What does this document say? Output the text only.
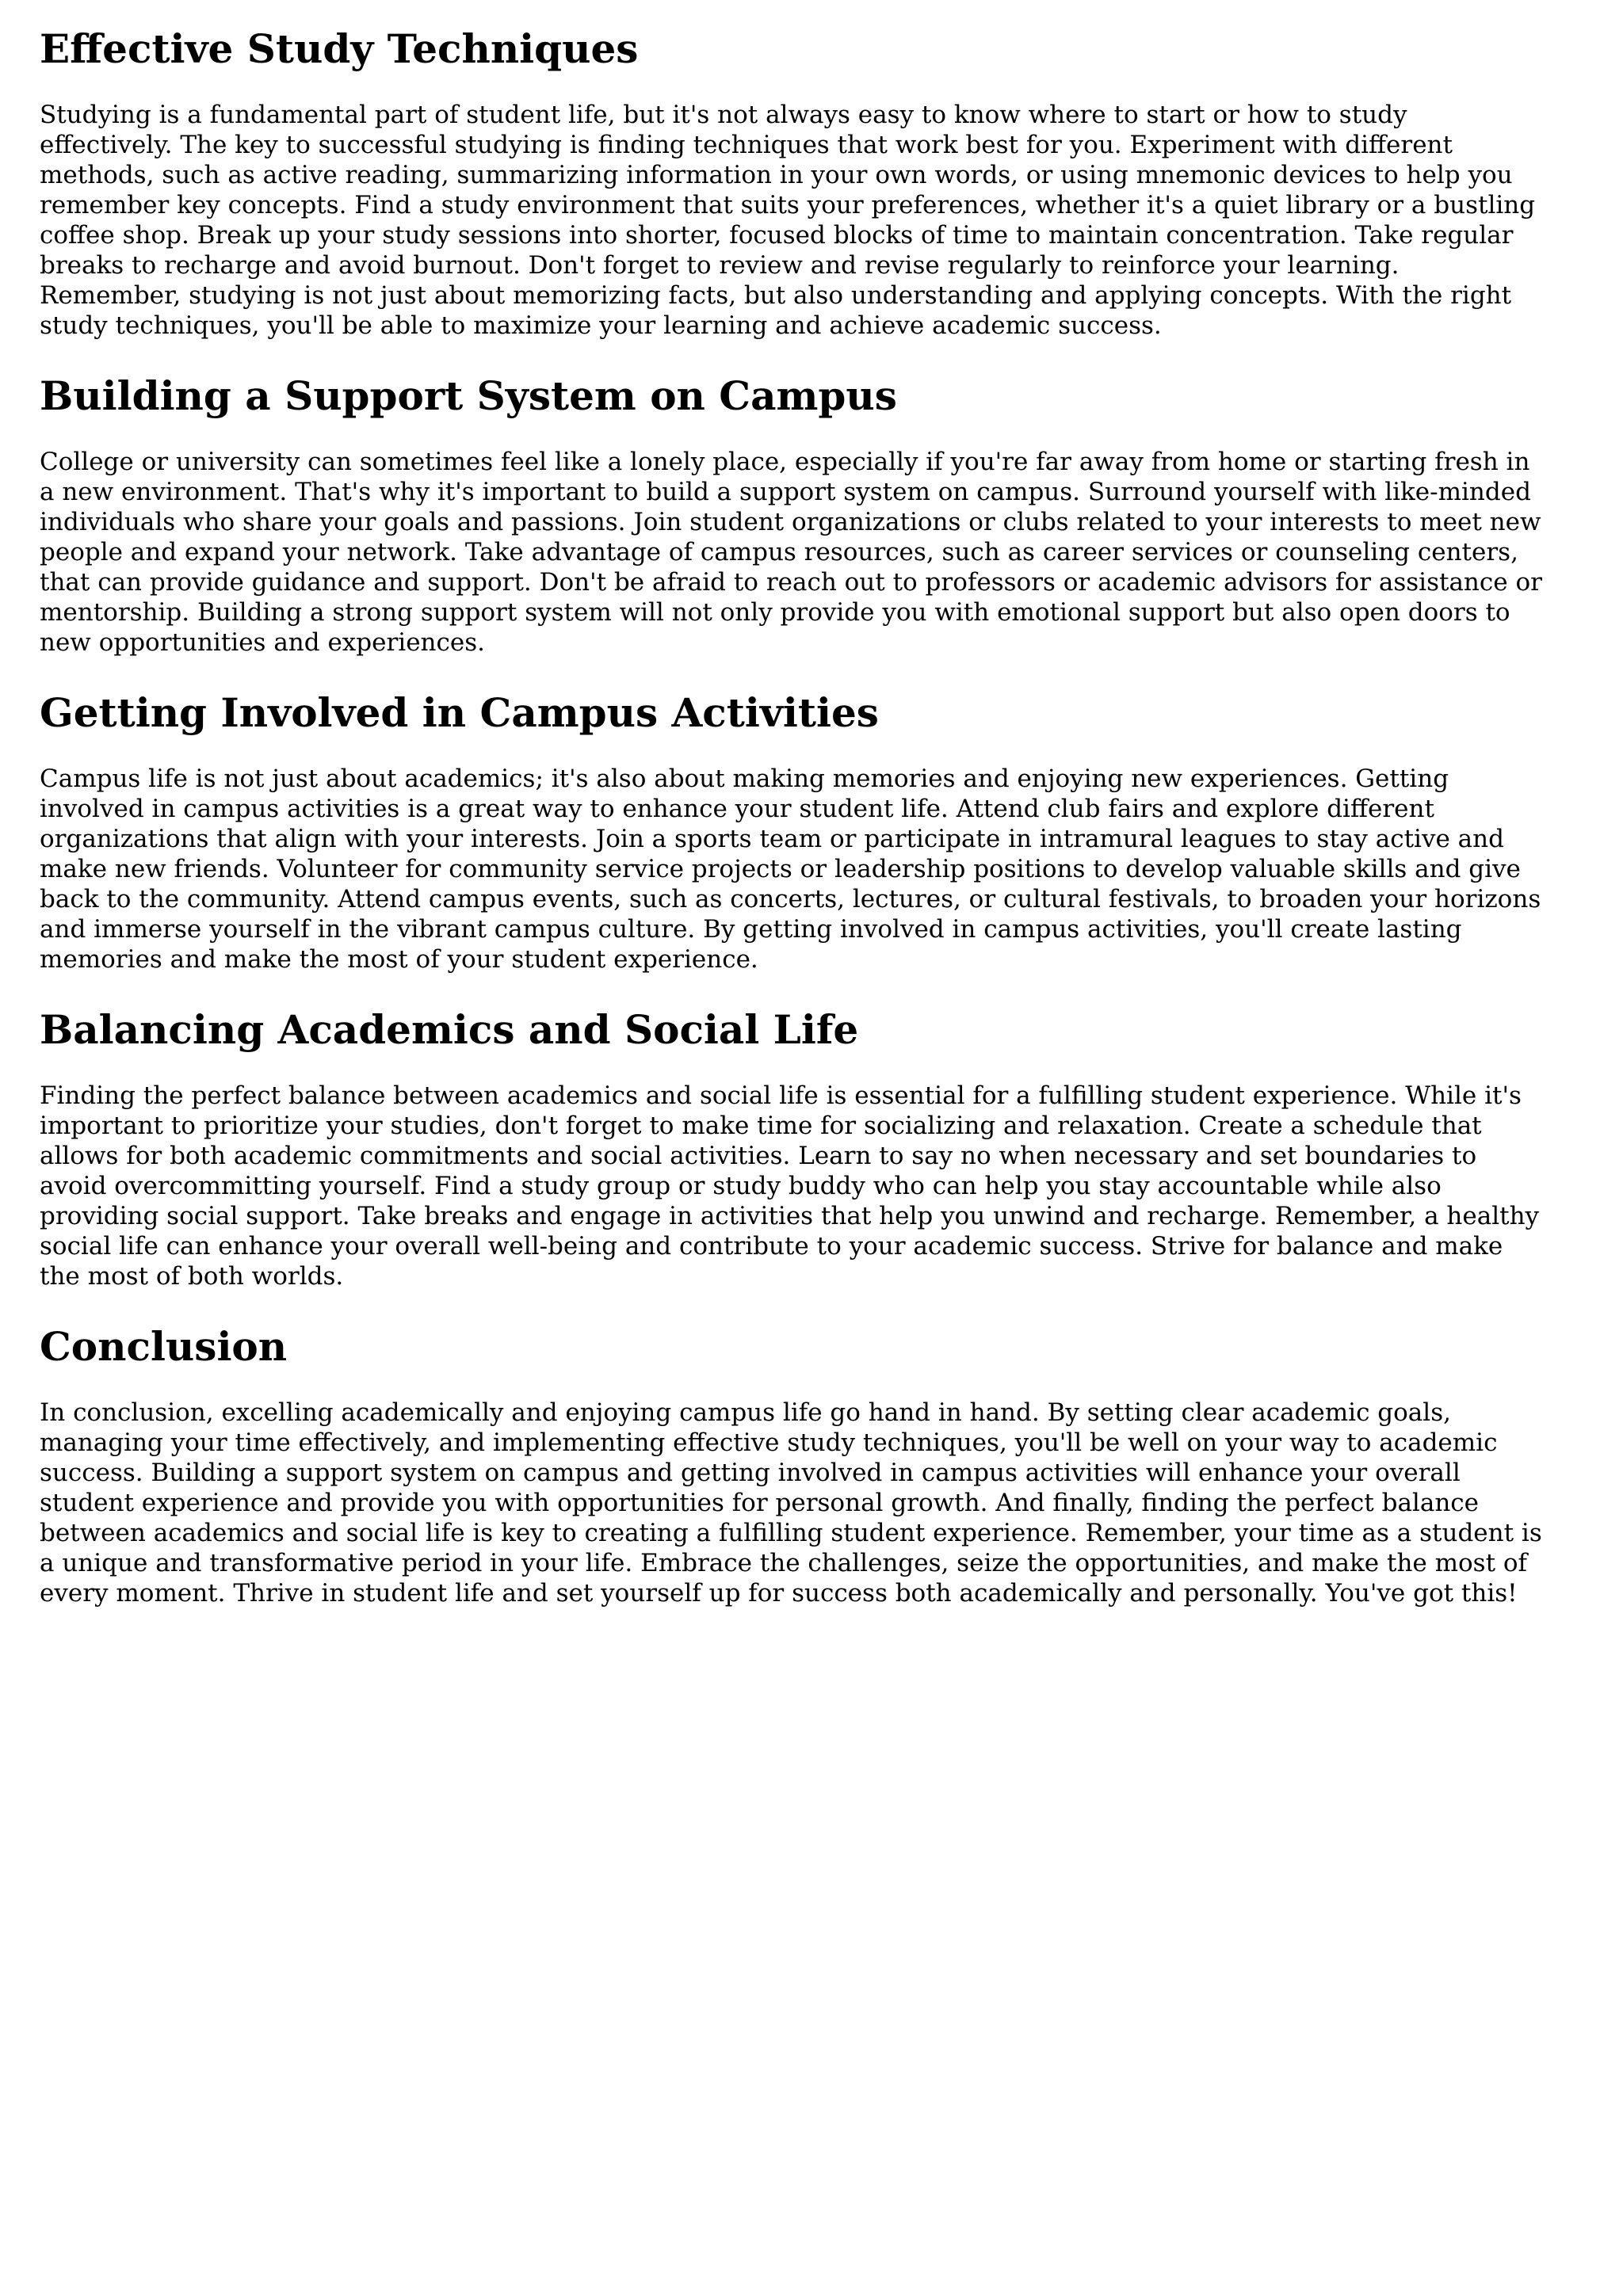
Effective Study Techniques

Studying is a fundamental part of student life, but it's not always easy to know where to start or how to study
effectively. The key to successful studying is finding techniques that work best for you. Experiment with different
methods, such as active reading, summarizing information in your own words, or using mnemonic devices to help you
remember key concepts. Find a study environment that suits your preferences, whether it's a quiet library or a bustling
coffee shop. Break up your study sessions into shorter, focused blocks of time to maintain concentration. Take regular
breaks to recharge and avoid burnout. Don't forget to review and revise regularly to reinforce your learning.
Remember, studying is not just about memorizing facts, but also understanding and applying concepts. With the right
study techniques, you'll be able to maximize your learning and achieve academic success.

Building a Support System on Campus

College or university can sometimes feel like a lonely place, especially if you're far away from home or starting fresh in
a new environment. That's why it's important to build a support system on campus. Surround yourself with like-minded
individuals who share your goals and passions. Join student organizations or clubs related to your interests to meet new
people and expand your network. Take advantage of campus resources, such as career services or counseling centers,
that can provide guidance and support. Don't be afraid to reach out to professors or academic advisors for assistance or
mentorship. Building a strong support system will not only provide you with emotional support but also open doors to
new opportunities and experiences.

Getting Involved in Campus Activities

Campus life is not just about academics; it's also about making memories and enjoying new experiences. Getting
involved in campus activities is a great way to enhance your student life. Attend club fairs and explore different
organizations that align with your interests. Join a sports team or participate in intramural leagues to stay active and
make new friends. Volunteer for community service projects or leadership positions to develop valuable skills and give
back to the community. Attend campus events, such as concerts, lectures, or cultural festivals, to broaden your horizons
and immerse yourself in the vibrant campus culture. By getting involved in campus activities, you'll create lasting
memories and make the most of your student experience.

Balancing Academics and Social Life

Finding the perfect balance between academics and social life is essential for a fulfilling student experience. While it's
important to prioritize your studies, don't forget to make time for socializing and relaxation. Create a schedule that
allows for both academic commitments and social activities. Learn to say no when necessary and set boundaries to
avoid overcommitting yourself. Find a study group or study buddy who can help you stay accountable while also
providing social support. Take breaks and engage in activities that help you unwind and recharge. Remember, a healthy
social life can enhance your overall well-being and contribute to your academic success. Strive for balance and make
the most of both worlds.

Conclusion

In conclusion, excelling academically and enjoying campus life go hand in hand. By setting clear academic goals,
managing your time effectively, and implementing effective study techniques, you'll be well on your way to academic
success. Building a support system on campus and getting involved in campus activities will enhance your overall
student experience and provide you with opportunities for personal growth. And finally, finding the perfect balance
between academics and social life is key to creating a fulfilling student experience. Remember, your time as a student is
a unique and transformative period in your life. Embrace the challenges, seize the opportunities, and make the most of
every moment. Thrive in student life and set yourself up for success both academically and personally. You've got this!
